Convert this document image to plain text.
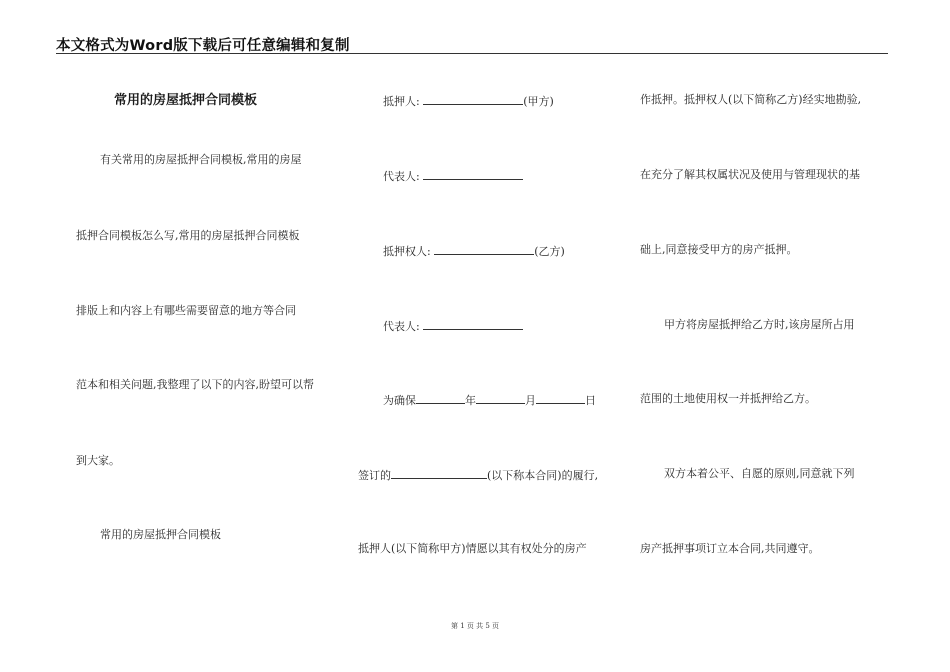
本文格式为Word版下载后可任意编辑和复制
常用的房屋抵押合同模板
有关常用的房屋抵押合同模板,常用的房屋
抵押合同模板怎么写,常用的房屋抵押合同模板
排版上和内容上有哪些需要留意的地方等合同
范本和相关问题,我整理了以下的内容,盼望可以帮
到大家。
常用的房屋抵押合同模板
抵押人:	(甲方)
代表人:
抵押权人:	(乙方)
代表人:
为确保	年	月	日
签订的	(以下称本合同)的履行,
抵押人(以下简称甲方)情愿以其有权处分的房产
作抵押。抵押权人(以下简称乙方)经实地勘验,
在充分了解其权属状况及使用与管理现状的基
础上,同意接受甲方的房产抵押。
甲方将房屋抵押给乙方时,该房屋所占用
范围的土地使用权一并抵押给乙方。
双方本着公平、自愿的原则,同意就下列
房产抵押事项订立本合同,共同遵守。
第 1 页 共 5 页
